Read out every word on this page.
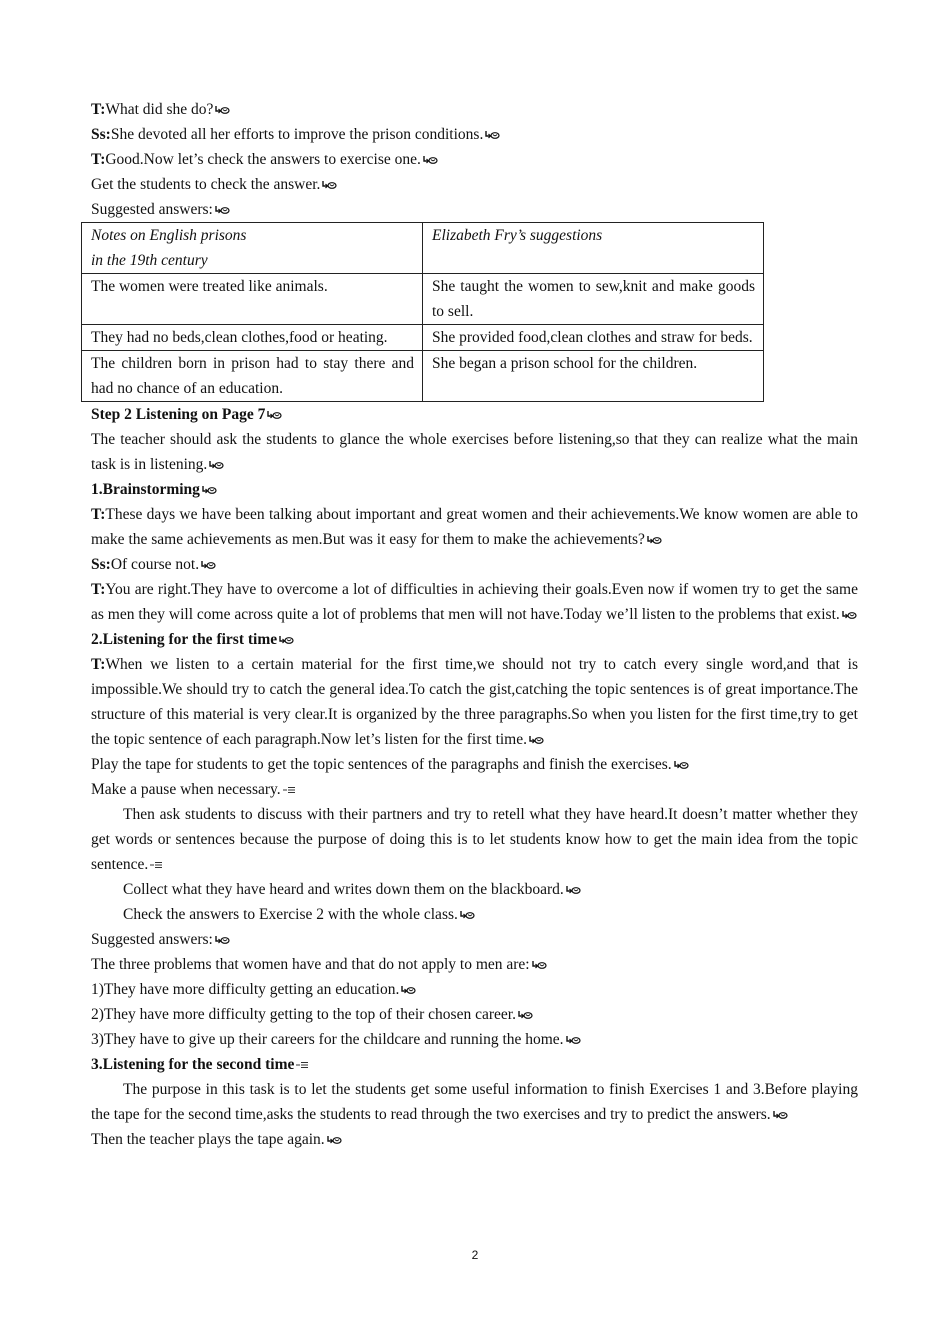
T:What did she do?

Ss:She devoted all her efforts to improve the prison conditions.

T:Good.Now let’s check the answers to exercise one.

Get the students to check the answer.

Suggested answers:

Notes on English prisons
in the 19th century	Elizabeth Fry’s suggestions
The women were treated like animals.	She taught the women to sew,knit and make goods to sell.
They had no beds,clean clothes,food or heating.	She provided food,clean clothes and straw for beds.
The children born in prison had to stay there and had no chance of an education.	She began a prison school for the children.

Step 2 Listening on Page 7

The teacher should ask the students to glance the whole exercises before listening,so that they can realize what the main task is in listening.

1.Brainstorming

T:These days we have been talking about important and great women and their achievements.We know women are able to make the same achievements as men.But was it easy for them to make the achievements?

Ss:Of course not.

T:You are right.They have to overcome a lot of difficulties in achieving their goals.Even now if women try to get the same as men they will come across quite a lot of problems that men will not have.Today we’ll listen to the problems that exist.

2.Listening for the first time

T:When we listen to a certain material for the first time,we should not try to catch every single word,and that is impossible.We should try to catch the general idea.To catch the gist,catching the topic sentences is of great importance.The structure of this material is very clear.It is organized by the three paragraphs.So when you listen for the first time,try to get the topic sentence of each paragraph.Now let’s listen for the first time.

Play the tape for students to get the topic sentences of the paragraphs and finish the exercises.

Make a pause when necessary.

Then ask students to discuss with their partners and try to retell what they have heard.It doesn’t matter whether they get words or sentences because the purpose of doing this is to let students know how to get the main idea from the topic sentence.

Collect what they have heard and writes down them on the blackboard.

Check the answers to Exercise 2 with the whole class.

Suggested answers:

The three problems that women have and that do not apply to men are:

1)They have more difficulty getting an education.

2)They have more difficulty getting to the top of their chosen career.

3)They have to give up their careers for the childcare and running the home.

3.Listening for the second time

The purpose in this task is to let the students get some useful information to finish Exercises 1 and 3.Before playing the tape for the second time,asks the students to read through the two exercises and try to predict the answers.

Then the teacher plays the tape again.

2
